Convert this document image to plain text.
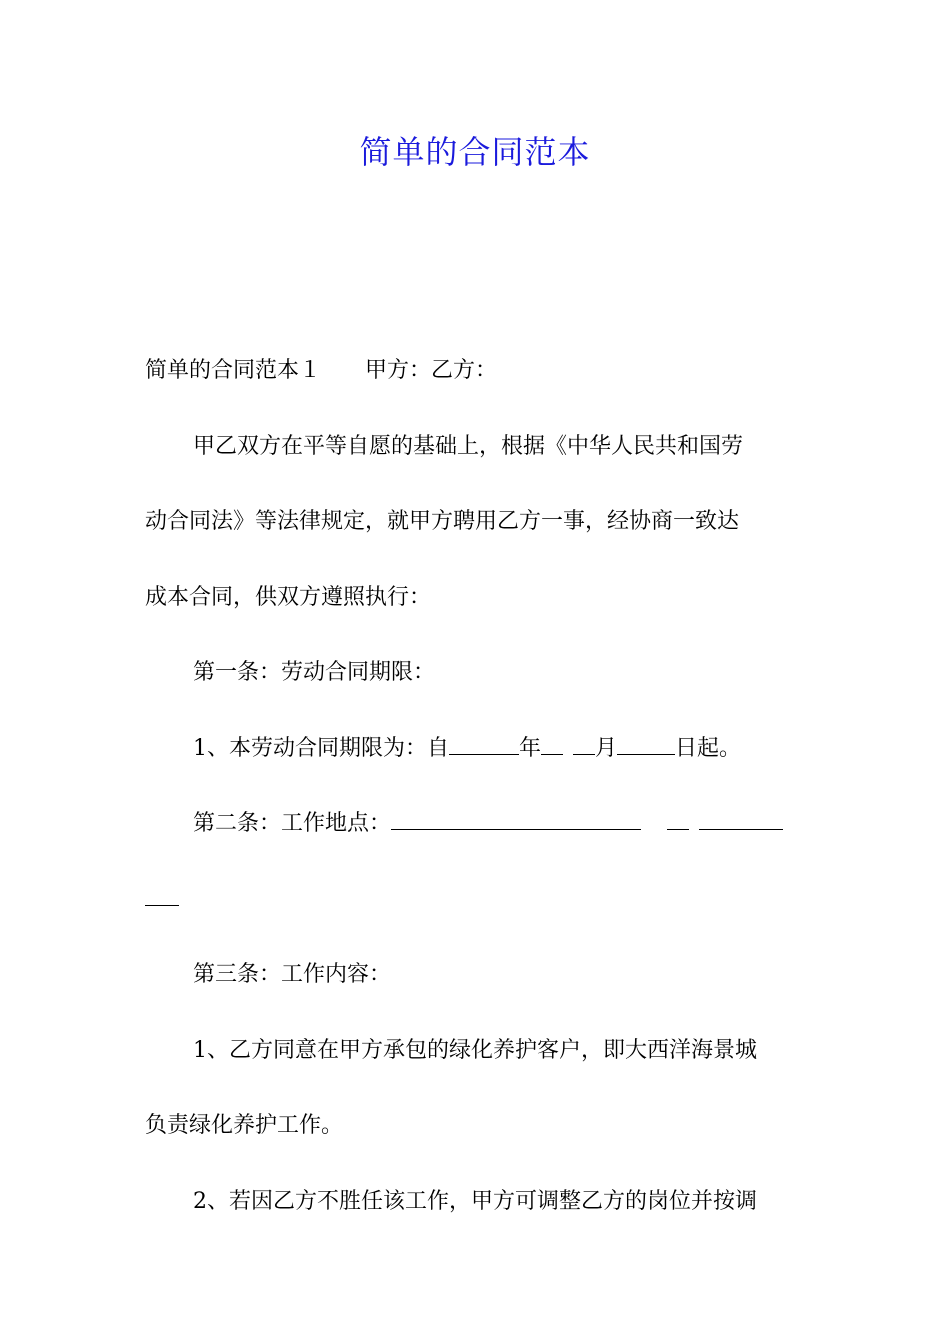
简单的合同范本
简单的合同范本１ 甲方：乙方：
甲乙双方在平等自愿的基础上，根据《中华人民共和国劳
动合同法》等法律规定，就甲方聘用乙方一事，经协商一致达
成本合同，供双方遵照执行：
第一条：劳动合同期限：
1、本劳动合同期限为：自	年 月	日起。
第二条：工作地点：
第三条：工作内容：
1、乙方同意在甲方承包的绿化养护客户，即大西洋海景城
负责绿化养护工作。
2、若因乙方不胜任该工作，甲方可调整乙方的岗位并按调
